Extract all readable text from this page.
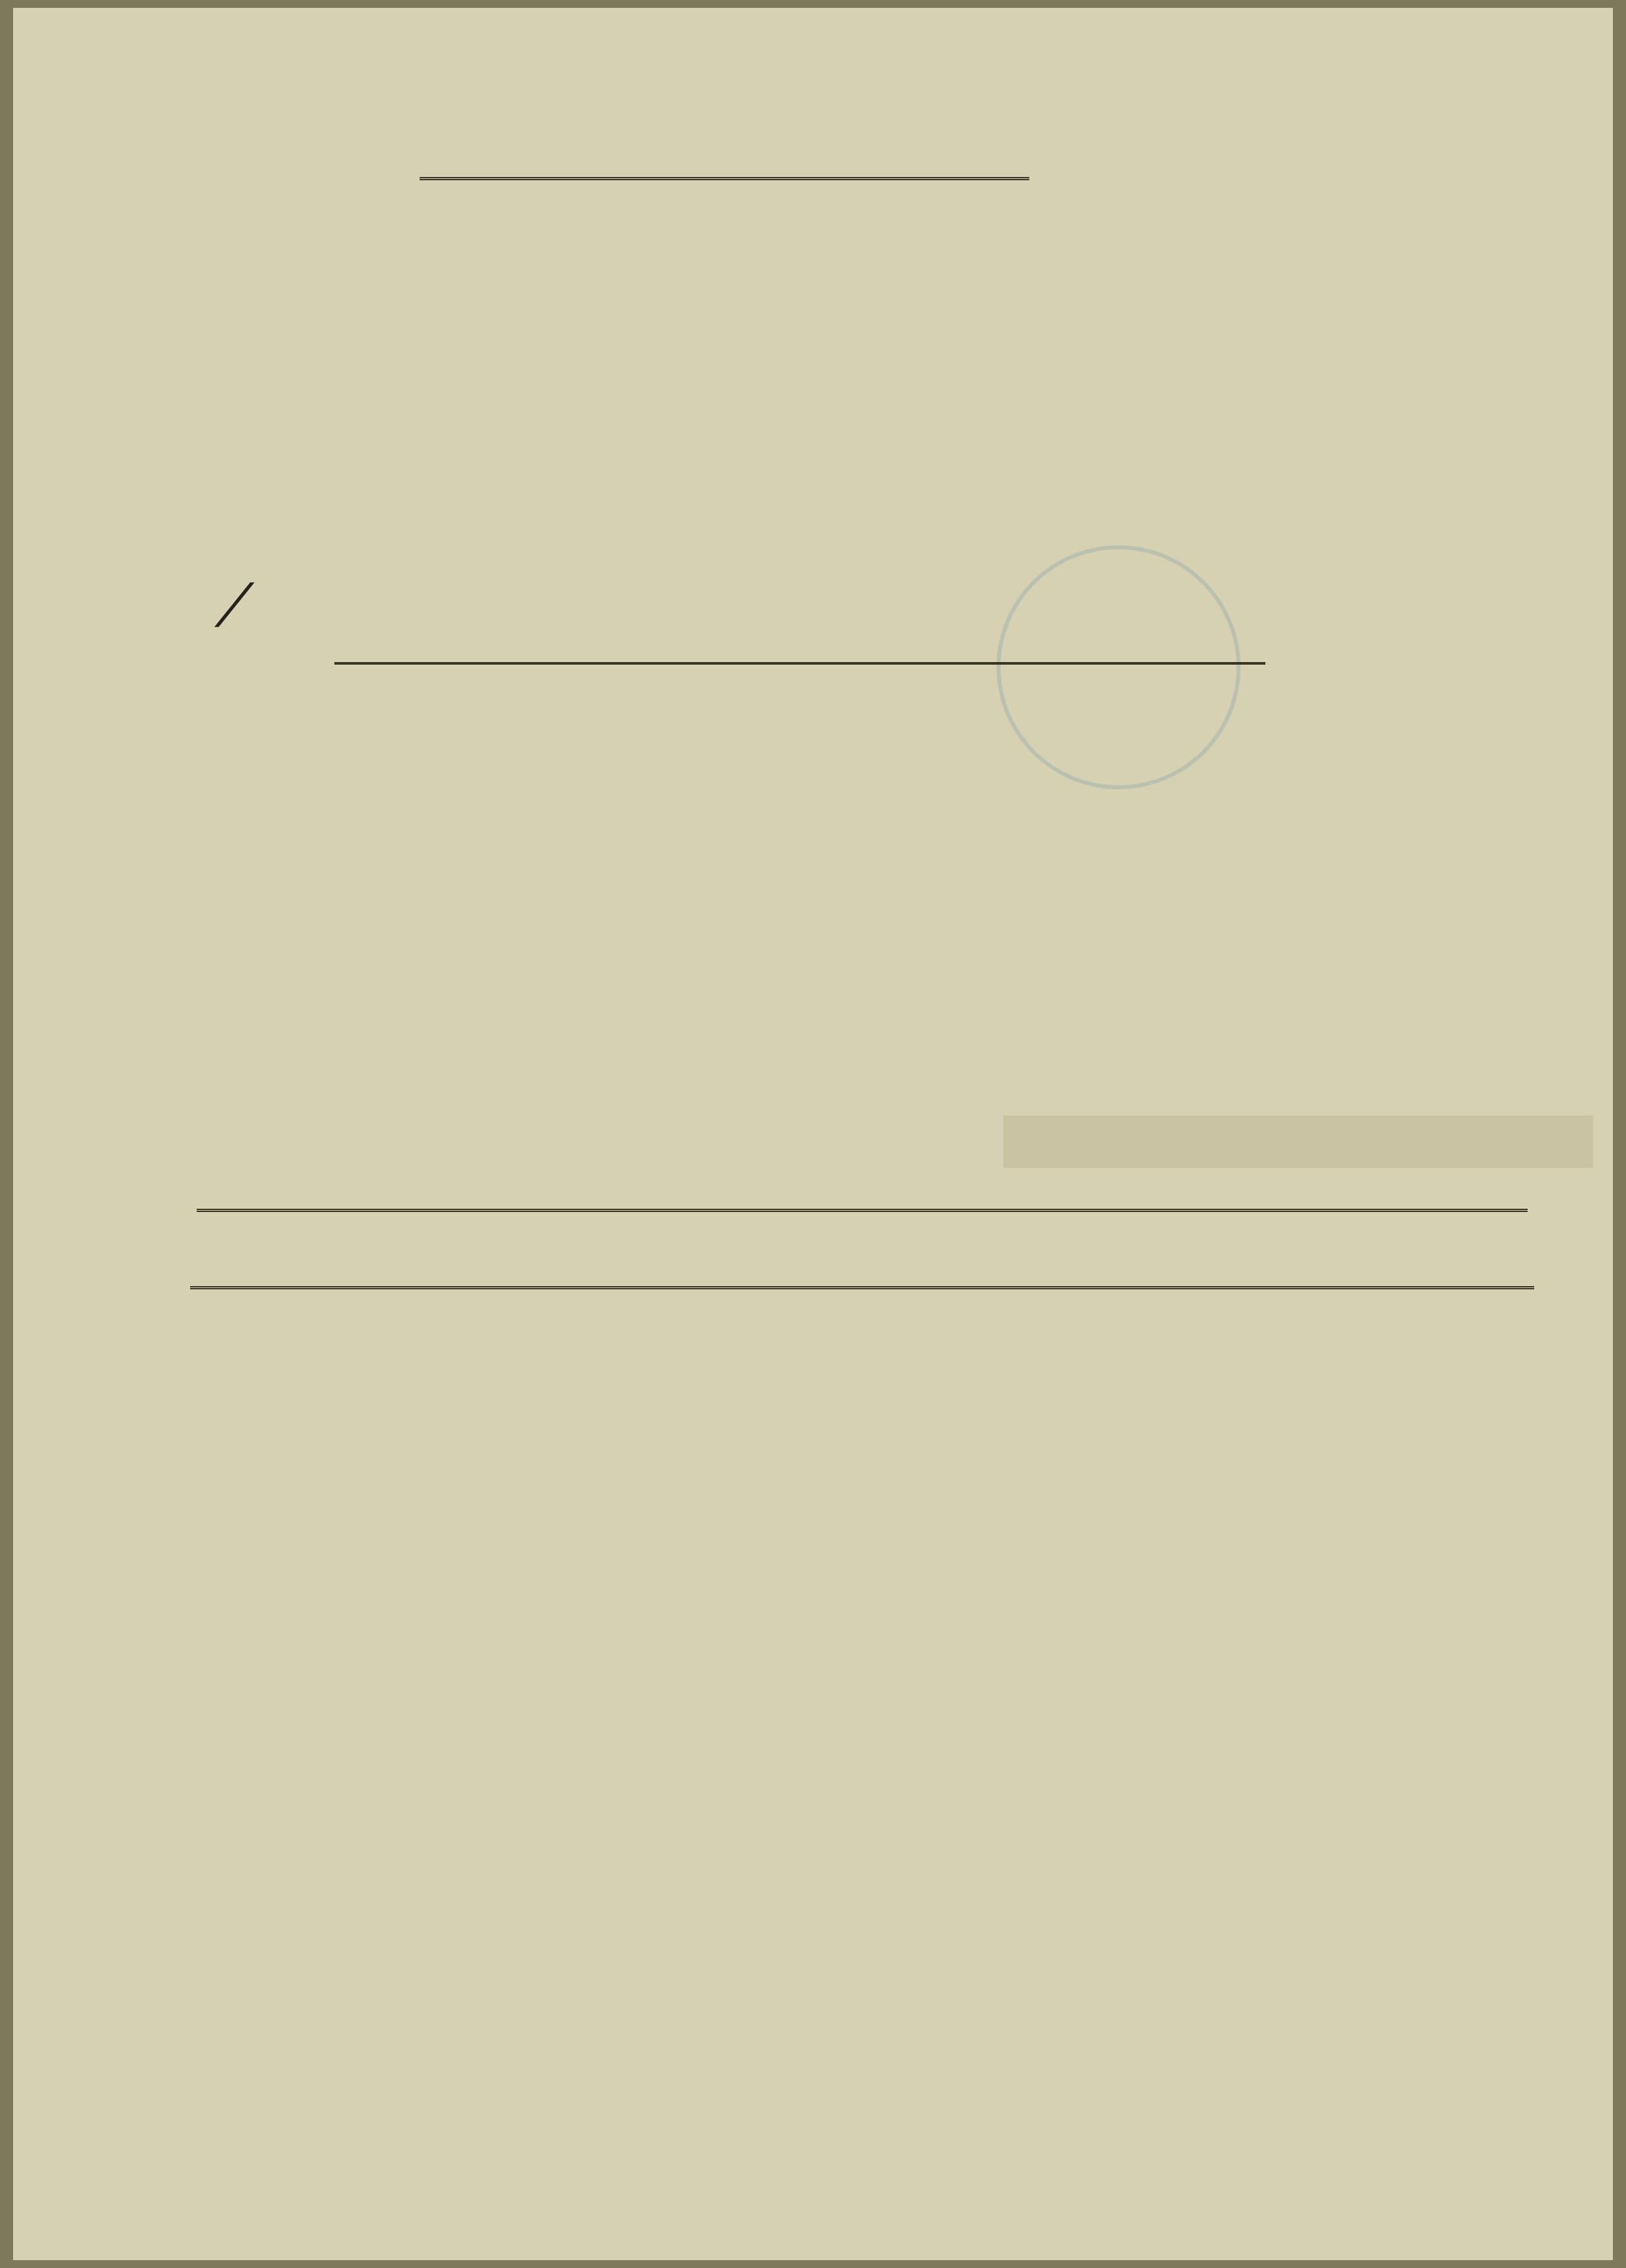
⁄
